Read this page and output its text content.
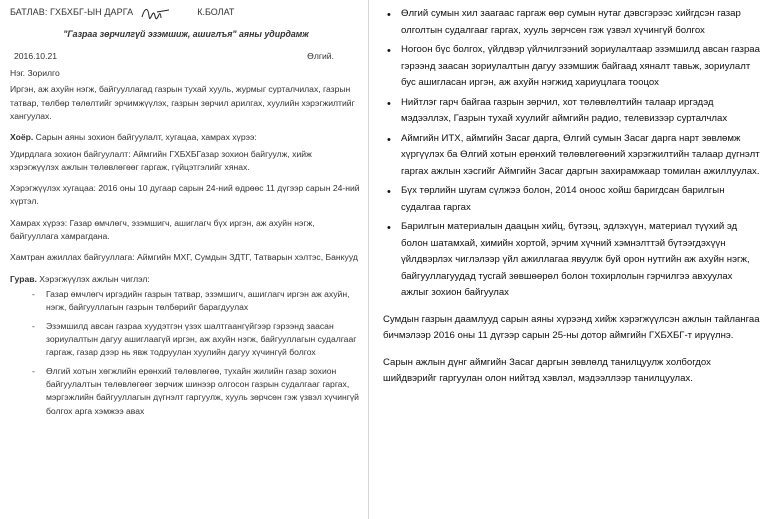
БАТЛАВ: ГХБХБГ-ЫН ДАРГА	К.БОЛАТ
"Газраа зөрчилгүй эзэмшиж, ашиглъя" аяны удирдамж
2016.10.21	Өлгий.
Нэг. Зорилго
Иргэн, аж ахуйн нэгж, байгууллагад газрын тухай хууль, журмыг сурталчилах, газрын татвар, төлбөр төлөлтийг эрчимжүүлэх, газрын зөрчил арилгах, хуулийн хэрэгжилтийг хангуулах.
Хоёр. Сарын аяны зохион байгуулалт, хугацаа, хамрах хүрээ:
Удирдлага зохион байгуулалт: Аймгийн ГХБХБГазар зохион байгуулж, хийж хэрэгжүүлэх ажлын төлөвлөгөөг гаргаж, гүйцэтгэлийг хянах.
Хэрэгжүүлэх хугацаа: 2016 оны 10 дугаар сарын 24-ний өдрөөс 11 дүгээр сарын 24-ний хүртэл.
Хамрах хүрээ: Газар өмчлөгч, эзэмшигч, ашиглагч бүх иргэн, аж ахуйн нэгж, байгууллага хамрагдана.
Хамтран ажиллах байгууллага: Аймгийн МХГ, Сумдын ЗДТГ, Татварын хэлтэс, Банкууд
Гурав. Хэрэгжүүлэх ажлын чиглэл:
- Газар өмчлөгч иргэдийн газрын татвар, эзэмшигч, ашиглагч иргэн аж ахуйн, нэгж, байгууллагын газрын төлбөрийг барагдуулах
- Эзэмшилд авсан газраа хуудэтгэн үзэх шалтгаангүйгээр гэрээнд заасан зориулалтын дагуу ашиглаагүй иргэн, аж ахуйн нэгж, байгууллагын судалгааг гаргаж, газар дээр нь явж тодруулан хуулийн дагуу хүчингүй болгох
- Өлгий хотын хөгжлийн ерөнхий төлөвлөгөө, тухайн жилийн газар зохион байгуулалтын төлөвлөгөөг зөрчиж шинээр олгосон газрын судалгааг гаргах, мэргэжлийн байгууллагын дүгнэлт гаргуулж, хууль зөрчсөн гэж үзвэл хүчингүй болгох арга хэмжээ авах
• Өлгий сумын хил заагаас гаргаж өөр сумын нутаг дэвсгэрээс хийгдсэн газар олголтын судалгааг гаргах, хууль зөрчсөн гэж үзвэл хүчингүй болгох
• Ногоон бүс болгох, үйлдвэр үйлчилгээний зориулалтаар эзэмшилд авсан газраа гэрээнд заасан зориулалтын дагуу эзэмшиж байгаад хяналт тавьж, зориулалт бус ашигласан иргэн, аж ахуйн нэгжид хариуцлага тооцох
• Нийтлэг гарч байгаа газрын зөрчил, хот төлөвлөлтийн талаар иргэдэд мэдээллэх, Газрын тухай хуулийг аймгийн радио, телевизээр сурталчлах
• Аймгийн ИТХ, аймгийн Засаг дарга, Өлгий сумын Засаг дарга нарт зөвлөмж хүргүүлэх ба Өлгий хотын ерөнхий төлөвлөгөөний хэрэгжилтийн талаар дүгнэлт гаргах ажлын хэсгийг Аймгийн Засаг даргын захирамжаар томилан ажиллуулах.
• Бүх төрлийн шугам сүлжээ болон, 2014 оноос хойш баригдсан барилгын судалгаа гаргах
• Барилгын материалын даацын хийц, бүтээц, эдлэхүүн, материал түүхий эд болон шатамхай, химийн хортой, эрчим хүчний хэмнэлттэй бүтээгдэхүүн үйлдвэрлэх чиглэлээр үйл ажиллагаа явуулж буй орон нутгийн аж ахуйн нэгж, байгууллагуудад тусгай зөвшөөрөл болон тохирлолын гэрчилгээ авхуулах ажлыг зохион байгуулах
Сумдын газрын даамлууд сарын аяны хүрээнд хийж хэрэгжүүлсэн ажлын тайлангаа бичмэлээр 2016 оны 11 дүгээр сарын 25-ны дотор аймгийн ГХБХБГ-т ирүүлнэ.
Сарын ажлын дүнг аймгийн Засаг даргын зөвлөлд танилцуулж холбогдох шийдвэрийг гаргуулан олон нийтэд хэвлэл, мэдээллээр танилцуулах.
